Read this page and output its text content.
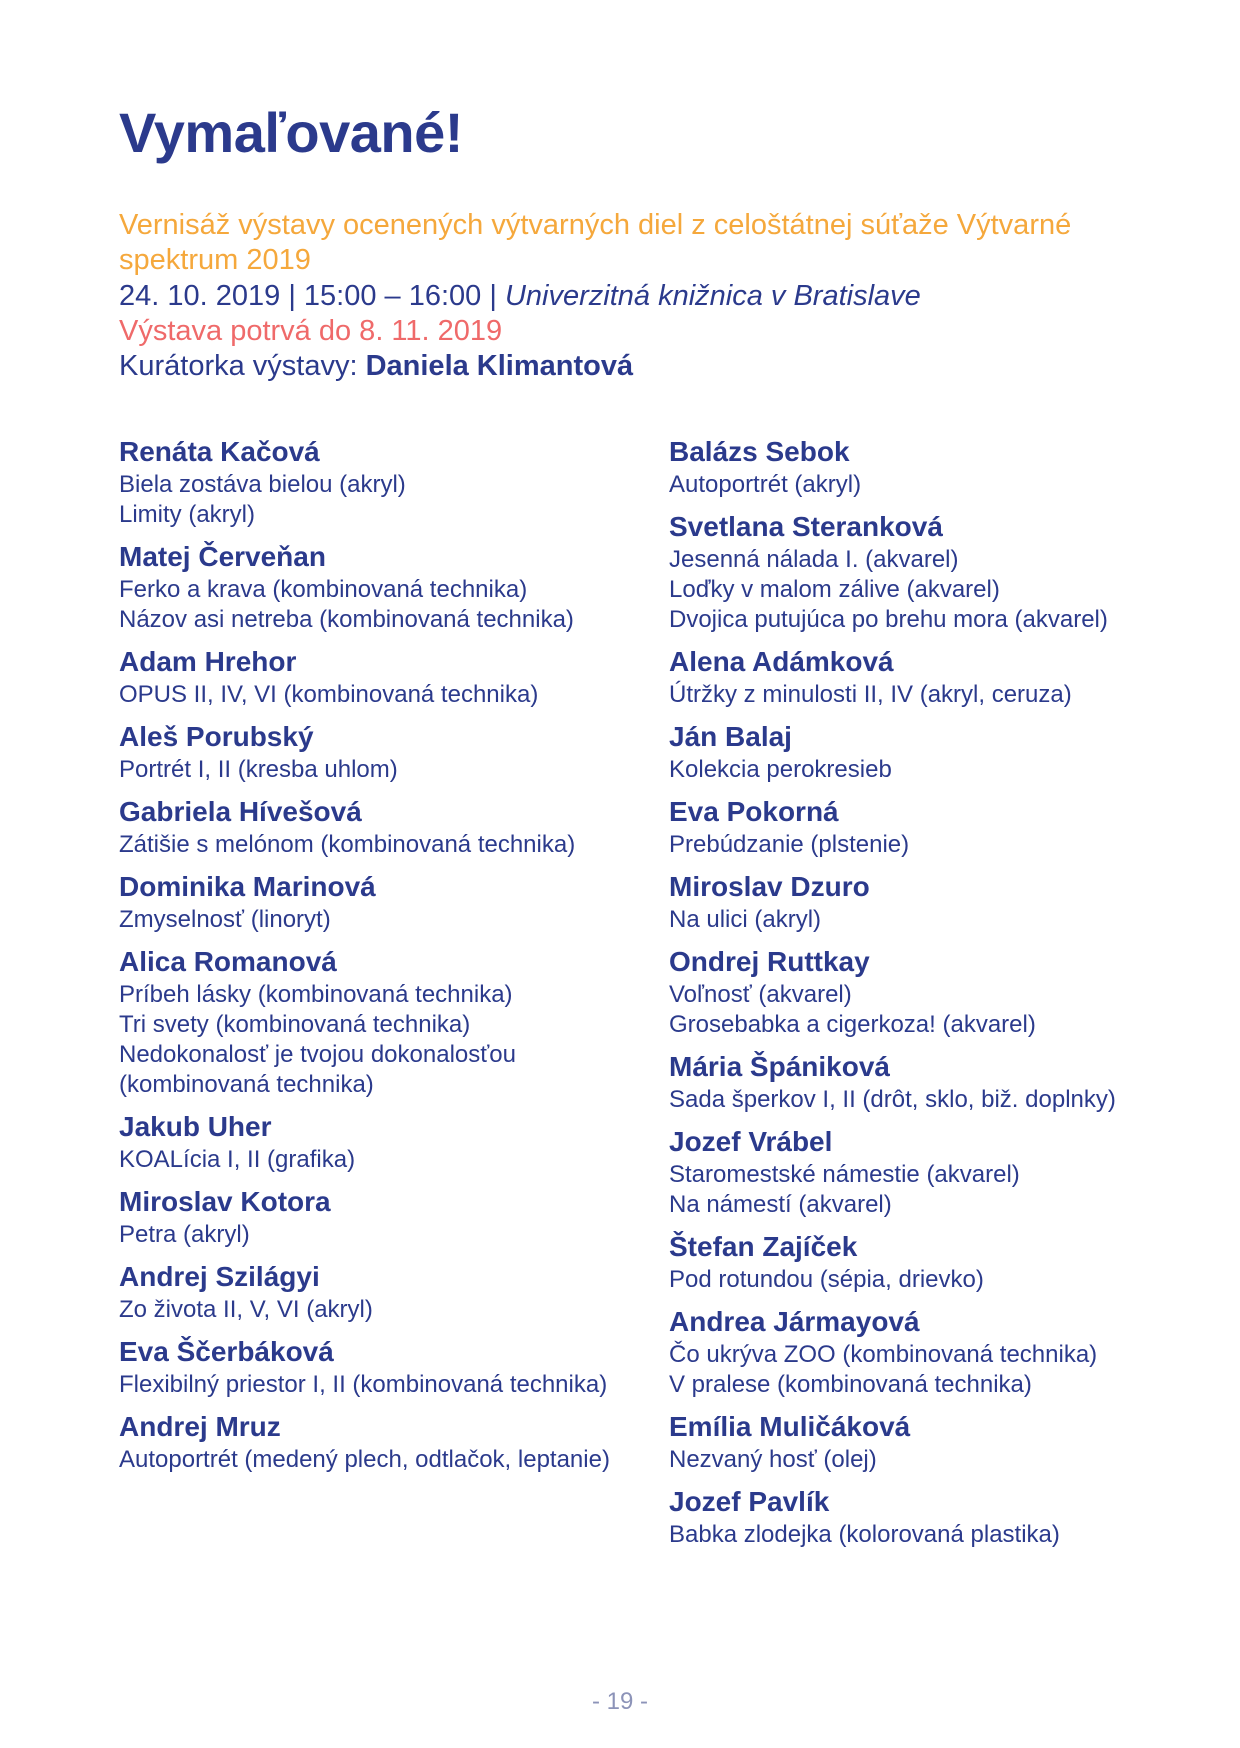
Vymaľované!
Vernisáž výstavy ocenených výtvarných diel z celoštátnej súťaže Výtvarné spektrum 2019
24. 10. 2019 | 15:00 – 16:00 | Univerzitná knižnica v Bratislave
Výstava potrvá do 8. 11. 2019
Kurátorka výstavy: Daniela Klimantová
Renáta Kačová
Biela zostáva bielou (akryl)
Limity (akryl)
Matej Červeňan
Ferko a krava (kombinovaná technika)
Názov asi netreba (kombinovaná technika)
Adam Hrehor
OPUS II, IV, VI (kombinovaná technika)
Aleš Porubský
Portrét I, II (kresba uhlom)
Gabriela Hívešová
Zátišie s melónom (kombinovaná technika)
Dominika Marinová
Zmyselnosť (linoryt)
Alica Romanová
Príbeh lásky (kombinovaná technika)
Tri svety (kombinovaná technika)
Nedokonalosť je tvojou dokonalosťou (kombinovaná technika)
Jakub Uher
KOALícia I, II (grafika)
Miroslav Kotora
Petra (akryl)
Andrej Szilágyi
Zo života II, V, VI (akryl)
Eva Ščerbáková
Flexibilný priestor I, II (kombinovaná technika)
Andrej Mruz
Autoportrét (medený plech, odtlačok, leptanie)
Balázs Sebok
Autoportrét (akryl)
Svetlana Steranková
Jesenná nálada I. (akvarel)
Loďky v malom zálive (akvarel)
Dvojica putujúca po brehu mora (akvarel)
Alena Adámková
Útržky z minulosti II, IV (akryl, ceruza)
Ján Balaj
Kolekcia perokresieb
Eva Pokorná
Prebúdzanie (plstenie)
Miroslav Dzuro
Na ulici (akryl)
Ondrej Ruttkay
Voľnosť (akvarel)
Grosebabka a cigerkoza! (akvarel)
Mária Špániková
Sada šperkov I, II (drôt, sklo, biž. doplnky)
Jozef Vrábel
Staromestské námestie (akvarel)
Na námestí (akvarel)
Štefan Zajíček
Pod rotundou (sépia, drievko)
Andrea Jármayová
Čo ukrýva ZOO (kombinovaná technika)
V pralese (kombinovaná technika)
Emília Muličáková
Nezvaný hosť (olej)
Jozef Pavlík
Babka zlodejka (kolorovaná plastika)
- 19 -
